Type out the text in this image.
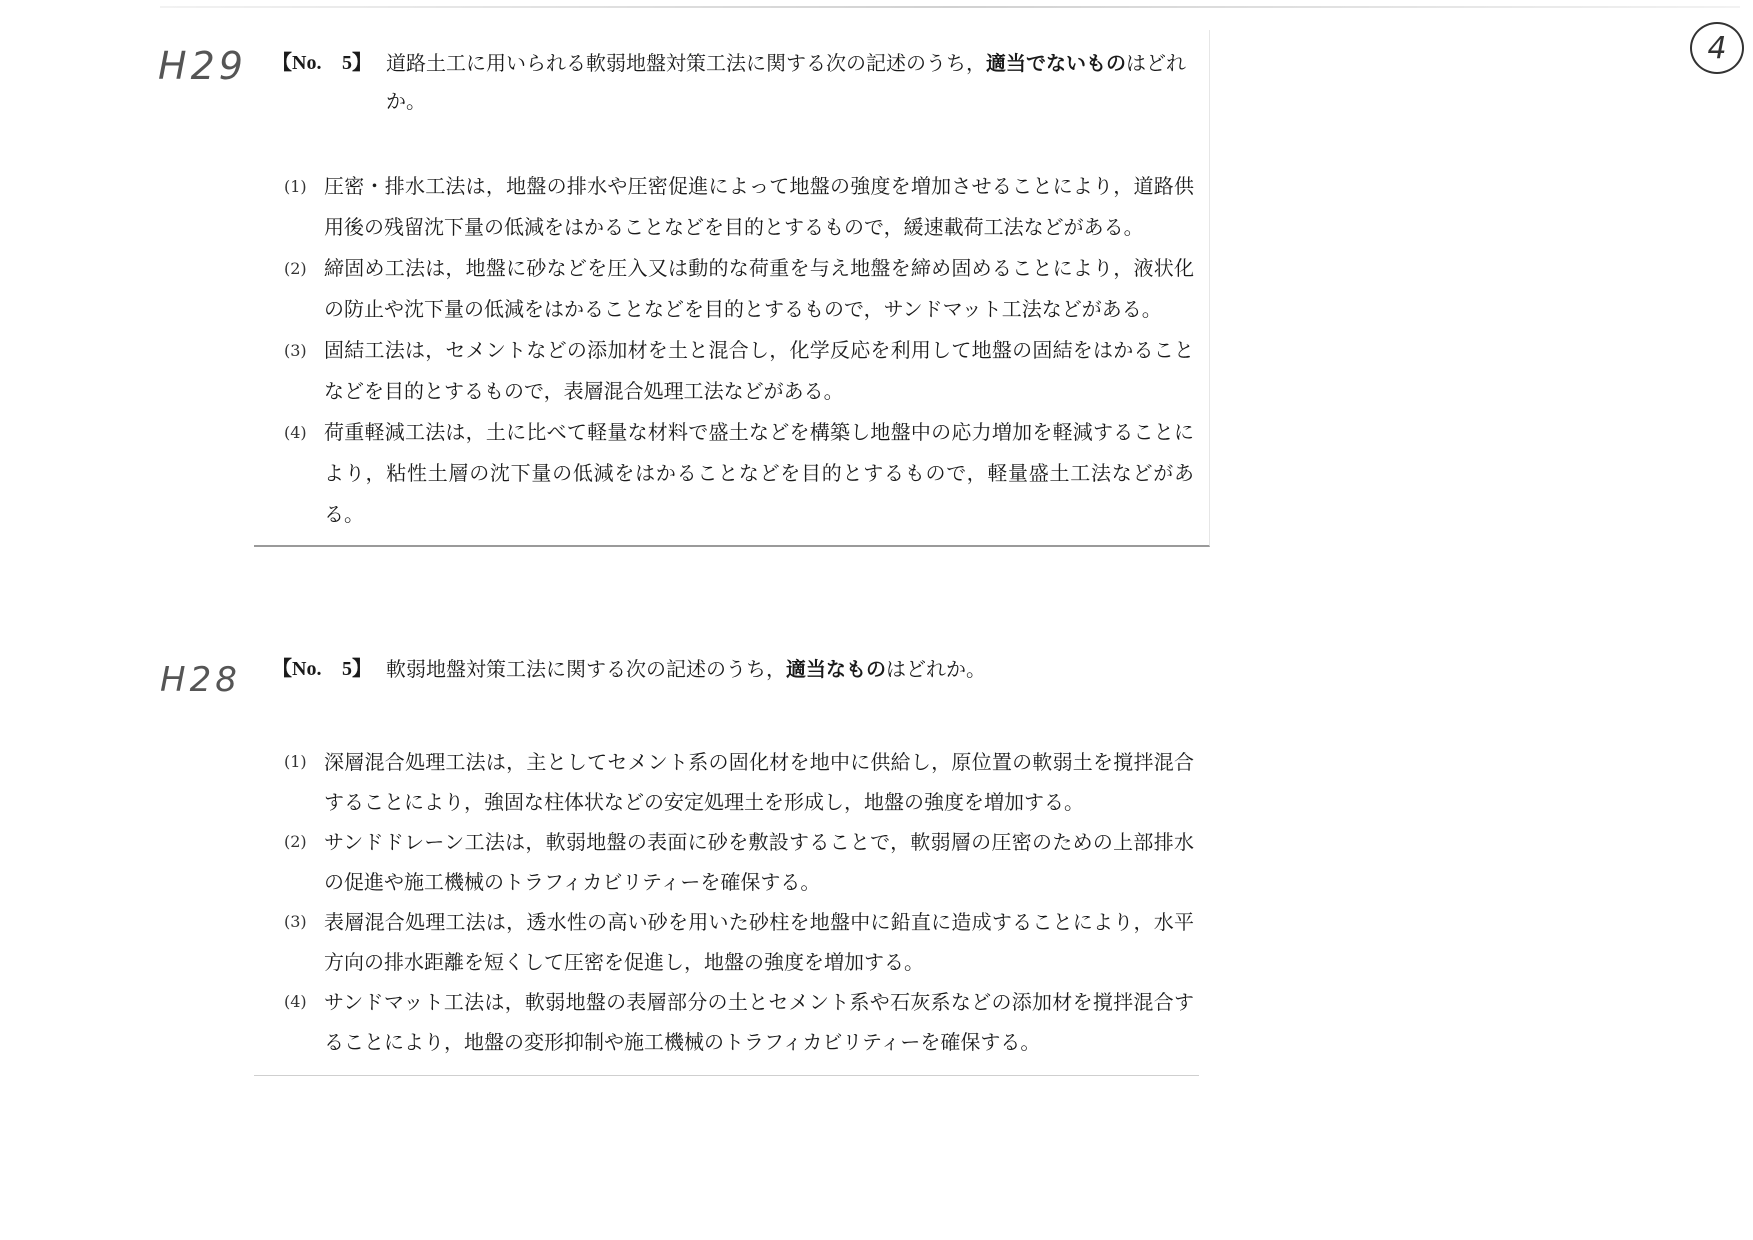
4
H29
H28
【No.	5】 道路土工に用いられる軟弱地盤対策工法に関する次の記述のうち，適当でないものはどれか。
(1) 圧密・排水工法は，地盤の排水や圧密促進によって地盤の強度を増加させることにより，道路供用後の残留沈下量の低減をはかることなどを目的とするもので，緩速載荷工法などがある。
(2) 締固め工法は，地盤に砂などを圧入又は動的な荷重を与え地盤を締め固めることにより，液状化の防止や沈下量の低減をはかることなどを目的とするもので，サンドマット工法などがある。
(3) 固結工法は，セメントなどの添加材を土と混合し，化学反応を利用して地盤の固結をはかることなどを目的とするもので，表層混合処理工法などがある。
(4) 荷重軽減工法は，土に比べて軽量な材料で盛土などを構築し地盤中の応力増加を軽減することにより，粘性土層の沈下量の低減をはかることなどを目的とするもので，軽量盛土工法などがある。
【No.	5】 軟弱地盤対策工法に関する次の記述のうち，適当なものはどれか。
(1) 深層混合処理工法は，主としてセメント系の固化材を地中に供給し，原位置の軟弱土を撹拌混合することにより，強固な柱体状などの安定処理土を形成し，地盤の強度を増加する。
(2) サンドドレーン工法は，軟弱地盤の表面に砂を敷設することで，軟弱層の圧密のための上部排水の促進や施工機械のトラフィカビリティーを確保する。
(3) 表層混合処理工法は，透水性の高い砂を用いた砂柱を地盤中に鉛直に造成することにより，水平方向の排水距離を短くして圧密を促進し，地盤の強度を増加する。
(4) サンドマット工法は，軟弱地盤の表層部分の土とセメント系や石灰系などの添加材を撹拌混合することにより，地盤の変形抑制や施工機械のトラフィカビリティーを確保する。
